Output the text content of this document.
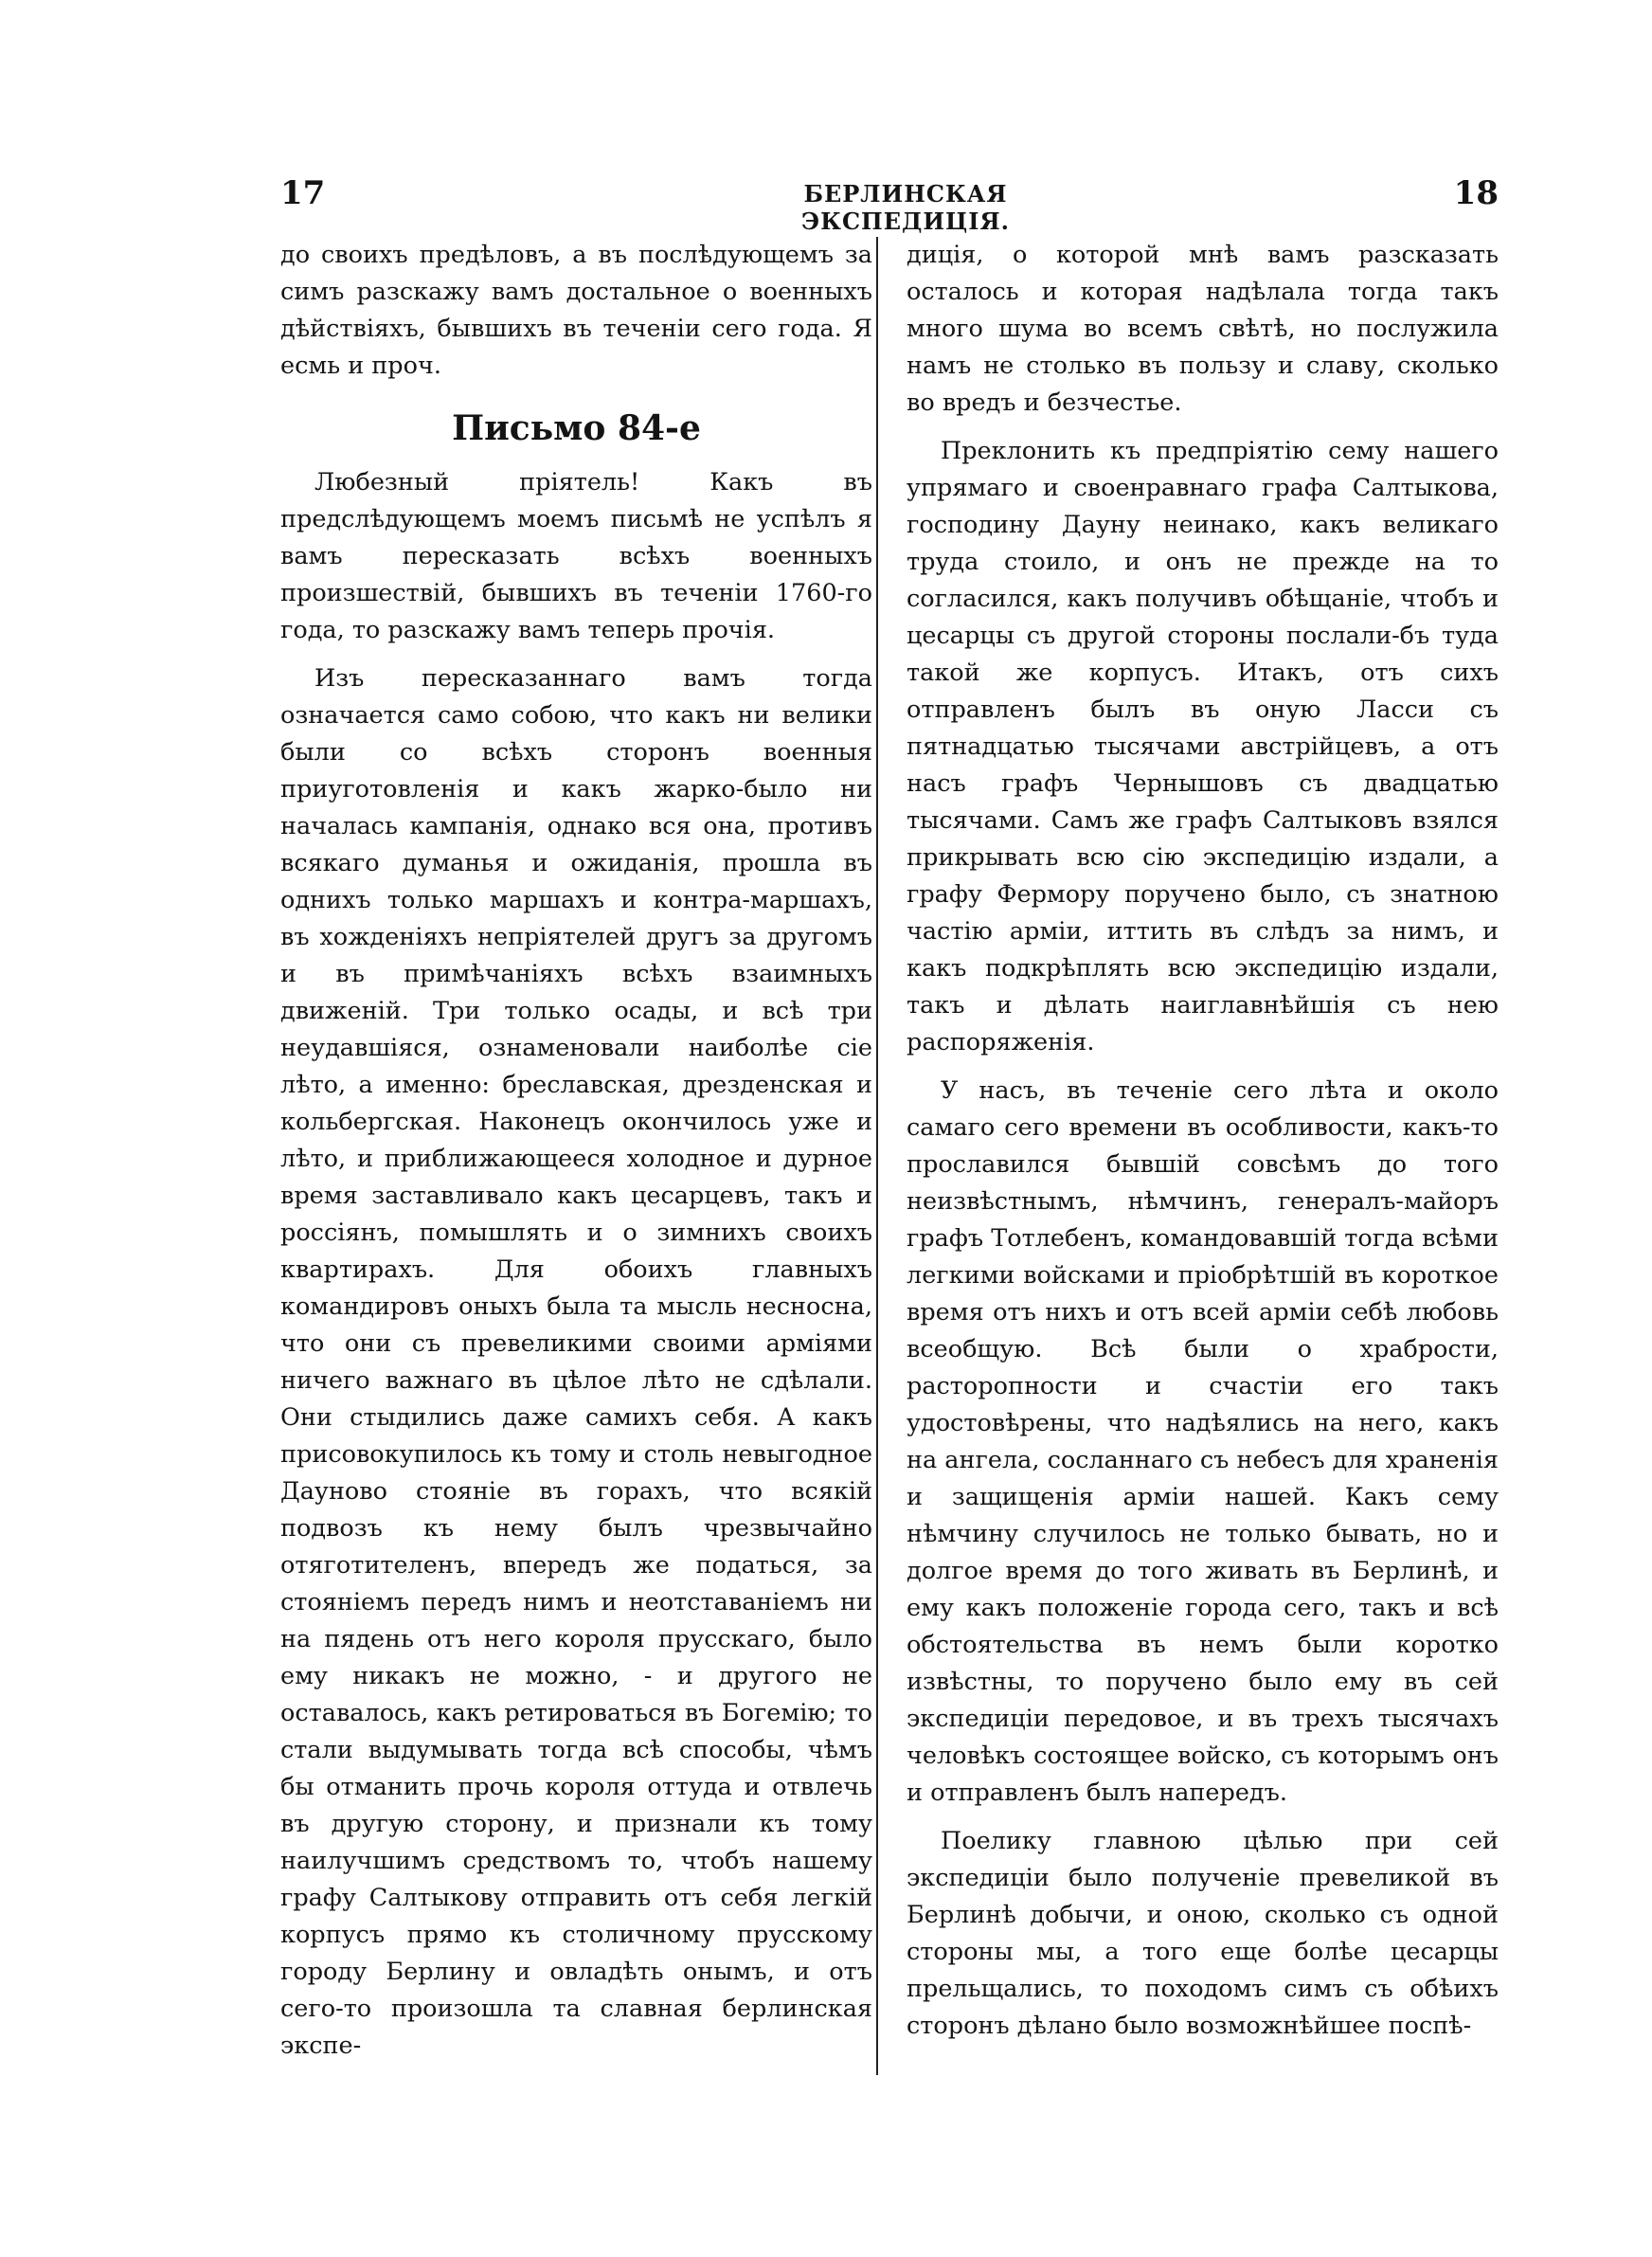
17	БЕРЛИНСКАЯ ЭКСПЕДИЦІЯ.
18

до своихъ предѣловъ, а въ послѣдующемъ за симъ разскажу вамъ достальное о военныхъ дѣйствіяхъ, бывшихъ въ теченіи сего года. Я есмь и проч.

Письмо 84-е

Любезный пріятель! Какъ въ предслѣдующемъ моемъ письмѣ не успѣлъ я вамъ пересказать всѣхъ военныхъ произшествій, бывшихъ въ теченіи 1760-го года, то разскажу вамъ теперь прочія.

Изъ пересказаннаго вамъ тогда означается само собою, что какъ ни велики были со всѣхъ сторонъ военныя приуготовленія и какъ жарко-было ни началась кампанія, однако вся она, противъ всякаго думанья и ожиданія, прошла въ однихъ только маршахъ и контра-маршахъ, въ хожденіяхъ непріятелей другъ за другомъ и въ примѣчаніяхъ всѣхъ взаимныхъ движеній. Три только осады, и всѣ три неудавшіяся, ознаменовали наиболѣе сіе лѣто, а именно: бреславская, дрезденская и кольбергская. Наконецъ окончилось уже и лѣто, и приближающееся холодное и дурное время заставливало какъ цесарцевъ, такъ и россіянъ, помышлять и о зимнихъ своихъ квартирахъ. Для обоихъ главныхъ командировъ оныхъ была та мысль несносна, что они съ превеликими своими арміями ничего важнаго въ цѣлое лѣто не сдѣлали. Они стыдились даже самихъ себя. А какъ присовокупилось къ тому и столь невыгодное Дауново стояніе въ горахъ, что всякій подвозъ къ нему былъ чрезвычайно отяготителенъ, впередъ же податься, за стояніемъ передъ нимъ и неотставаніемъ ни на пядень отъ него короля прусскаго, было ему никакъ не можно, - и другого не оставалось, какъ ретироваться въ Богемію; то стали выдумывать тогда всѣ способы, чѣмъ бы отманить прочь короля оттуда и отвлечь въ другую сторону, и признали къ тому наилучшимъ средствомъ то, чтобъ нашему графу Салтыкову отправить отъ себя легкій корпусъ прямо къ столичному прусскому городу Берлину и овладѣть онымъ, и отъ сего-то произошла та славная берлинская экспе-

диція, о которой мнѣ вамъ разсказать осталось и которая надѣлала тогда такъ много шума во всемъ свѣтѣ, но послужила намъ не столько въ пользу и славу, сколько во вредъ и безчестье.

Преклонить къ предпріятію сему нашего упрямаго и своенравнаго графа Салтыкова, господину Дауну неинако, какъ великаго труда стоило, и онъ не прежде на то согласился, какъ получивъ обѣщаніе, чтобъ и цесарцы съ другой стороны послали-бъ туда такой же корпусъ. Итакъ, отъ сихъ отправленъ былъ въ оную Ласси съ пятнадцатью тысячами австрійцевъ, а отъ насъ графъ Чернышовъ съ двадцатью тысячами. Самъ же графъ Салтыковъ взялся прикрывать всю сію экспедицію издали, а графу Фермору поручено было, съ знатною частію арміи, иттить въ слѣдъ за нимъ, и какъ подкрѣплять всю экспедицію издали, такъ и дѣлать наиглавнѣйшія съ нею распоряженія.

У насъ, въ теченіе сего лѣта и около самаго сего времени въ особливости, какъ-то прославился бывшій совсѣмъ до того неизвѣстнымъ, нѣмчинъ, генералъ-майоръ графъ Тотлебенъ, командовавшій тогда всѣми легкими войсками и пріобрѣтшій въ короткое время отъ нихъ и отъ всей арміи себѣ любовь всеобщую. Всѣ были о храбрости, расторопности и счастіи его такъ удостовѣрены, что надѣялись на него, какъ на ангела, сосланнаго съ небесъ для храненія и защищенія арміи нашей. Какъ сему нѣмчину случилось не только бывать, но и долгое время до того живать въ Берлинѣ, и ему какъ положеніе города сего, такъ и всѣ обстоятельства въ немъ были коротко извѣстны, то поручено было ему въ сей экспедиціи передовое, и въ трехъ тысячахъ человѣкъ состоящее войско, съ которымъ онъ и отправленъ былъ напередъ.

Поелику главною цѣлью при сей экспедиціи было полученіе превеликой въ Берлинѣ добычи, и оною, сколько съ одной стороны мы, а того еще болѣе цесарцы прельщались, то походомъ симъ съ обѣихъ сторонъ дѣлано было возможнѣйшее поспѣ-
